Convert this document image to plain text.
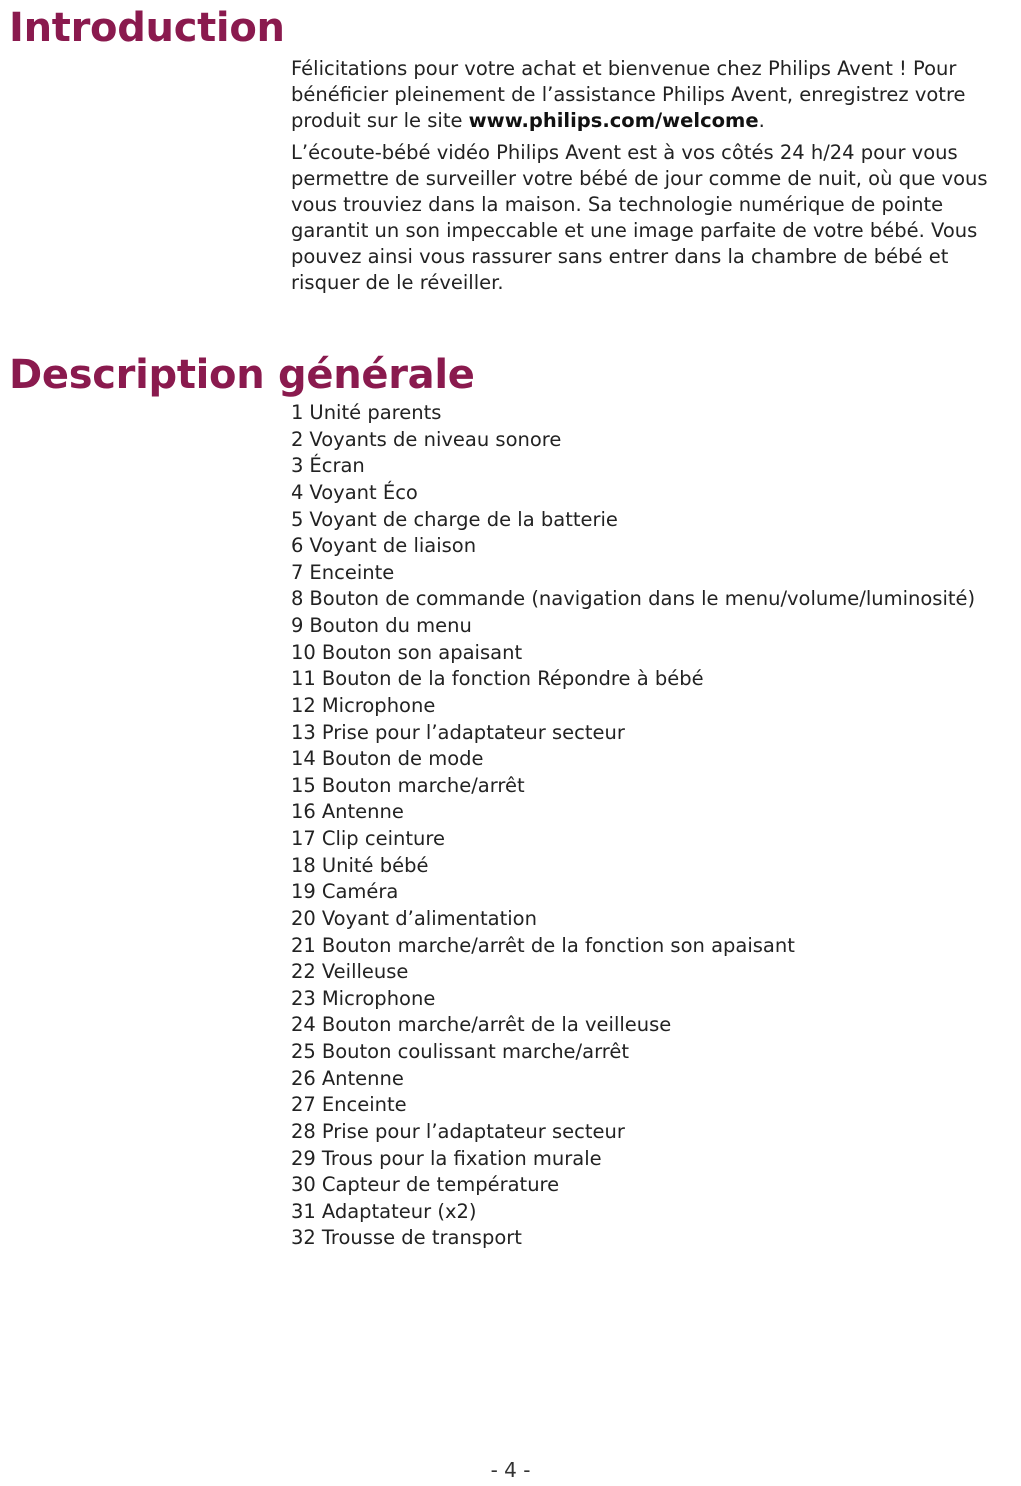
Introduction

Félicitations pour votre achat et bienvenue chez Philips Avent ! Pour bénéficier pleinement de l’assistance Philips Avent, enregistrez votre produit sur le site www.philips.com/welcome.

L’écoute-bébé vidéo Philips Avent est à vos côtés 24 h/24 pour vous permettre de surveiller votre bébé de jour comme de nuit, où que vous vous trouviez dans la maison. Sa technologie numérique de pointe garantit un son impeccable et une image parfaite de votre bébé. Vous pouvez ainsi vous rassurer sans entrer dans la chambre de bébé et risquer de le réveiller.

Description générale
1 Unité parents
2 Voyants de niveau sonore
3 Écran
4 Voyant Éco
5 Voyant de charge de la batterie
6 Voyant de liaison
7 Enceinte
8 Bouton de commande (navigation dans le menu/volume/luminosité)
9 Bouton du menu
10 Bouton son apaisant
11 Bouton de la fonction Répondre à bébé
12 Microphone
13 Prise pour l’adaptateur secteur
14 Bouton de mode
15 Bouton marche/arrêt
16 Antenne
17 Clip ceinture
18 Unité bébé
19 Caméra
20 Voyant d’alimentation
21 Bouton marche/arrêt de la fonction son apaisant
22 Veilleuse
23 Microphone
24 Bouton marche/arrêt de la veilleuse
25 Bouton coulissant marche/arrêt
26 Antenne
27 Enceinte
28 Prise pour l’adaptateur secteur
29 Trous pour la fixation murale
30 Capteur de température
31 Adaptateur (x2)
32 Trousse de transport
- 4 -
